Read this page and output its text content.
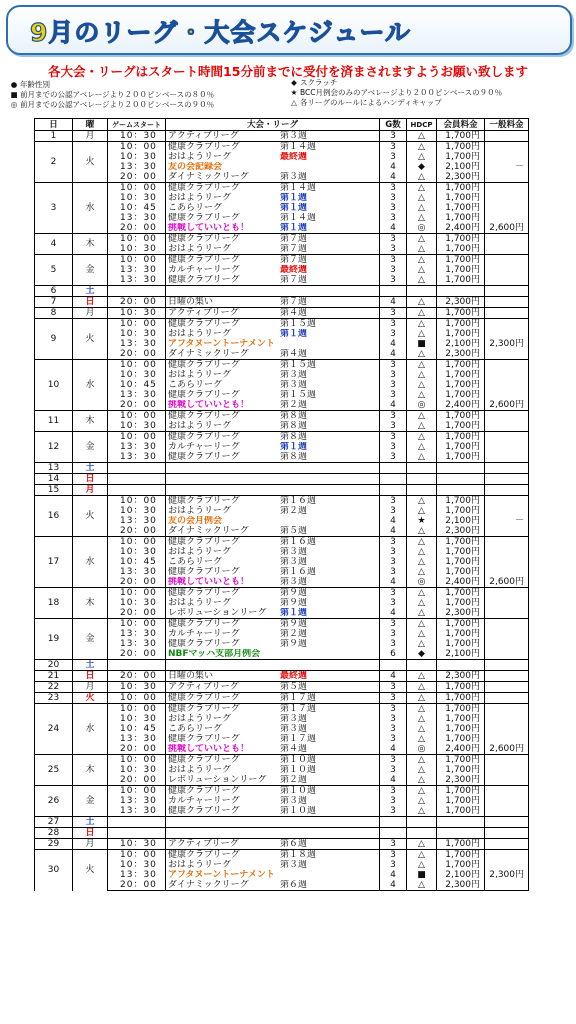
9月のリーグ・大会スケジュール
各大会・リーグはスタート時間15分前までに受付を済まされますようお願い致します
● 年齢性別
■ 前月までの公認アベレージより２００ピンベースの８０％
◎ 前月までの公認アベレージより２００ピンベースの９０％
◆ スクラッチ
★ BCC月例会のみのアベレージより２００ピンベースの９０％
△ 各リーグのルールによるハンディキャップ
日	曜	ゲームスタート	大会・リーグ	G数	HDCP	会員料金	一般料金
1	月	10：30	アクティブリーグ 第３週	3	△	1,700円	
2	火	10：00	健康クラブリーグ 第１４週	3	△	1,700円	
		10：30	おはようリーグ 最終週	3	△	1,700円	
		13：30	友の会記録会	4	◆	2,100円	－
		20：00	ダイナミックリーグ 第３週	4	△	2,300円	
3	水	10：00	健康クラブリーグ 第１４週	3	△	1,700円	
		10：30	おはようリーグ 第１週	3	△	1,700円	
		10：45	こあらリーグ 第１週	3	△	1,700円	
		13：30	健康クラブリーグ 第１４週	3	△	1,700円	
		20：00	挑戦していいとも！ 第１週	4	◎	2,400円	2,600円
4	木	10：00	健康クラブリーグ 第７週	3	△	1,700円	
		10：30	おはようリーグ 第７週	3	△	1,700円	
5	金	10：00	健康クラブリーグ 第７週	3	△	1,700円	
		13：30	カルチャーリーグ 最終週	3	△	1,700円	
		13：30	健康クラブリーグ 第７週	3	△	1,700円	
6	土						
7	日	20：00	日曜の集い 第７週	4	△	2,300円	
8	月	10：30	アクティブリーグ 第４週	3	△	1,700円	
9	火	10：00	健康クラブリーグ 第１５週	3	△	1,700円	
		10：30	おはようリーグ 第１週	3	△	1,700円	
		13：30	アフタヌーントーナメント	4	■	2,100円	2,300円
		20：00	ダイナミックリーグ 第４週	4	△	2,300円	
10	水	10：00	健康クラブリーグ 第１５週	3	△	1,700円	
		10：30	おはようリーグ 第３週	3	△	1,700円	
		10：45	こあらリーグ 第３週	3	△	1,700円	
		13：30	健康クラブリーグ 第１５週	3	△	1,700円	
		20：00	挑戦していいとも！ 第２週	4	◎	2,400円	2,600円
11	木	10：00	健康クラブリーグ 第８週	3	△	1,700円	
		10：30	おはようリーグ 第８週	3	△	1,700円	
12	金	10：00	健康クラブリーグ 第８週	3	△	1,700円	
		13：30	カルチャーリーグ 第１週	3	△	1,700円	
		13：30	健康クラブリーグ 第８週	3	△	1,700円	
13	土						
14	日						
15	月						
16	火	10：00	健康クラブリーグ 第１６週	3	△	1,700円	
		10：30	おはようリーグ 第２週	3	△	1,700円	
		13：30	友の会月例会	4	★	2,100円	－
		20：00	ダイナミックリーグ 第５週	4	△	2,300円	
17	水	10：00	健康クラブリーグ 第１６週	3	△	1,700円	
		10：30	おはようリーグ 第３週	3	△	1,700円	
		10：45	こあらリーグ 第３週	3	△	1,700円	
		13：30	健康クラブリーグ 第１６週	3	△	1,700円	
		20：00	挑戦していいとも！ 第３週	4	◎	2,400円	2,600円
18	木	10：00	健康クラブリーグ 第９週	3	△	1,700円	
		10：30	おはようリーグ 第９週	3	△	1,700円	
		20：00	レボリューションリーグ 第１週	4	△	2,300円	
19	金	10：00	健康クラブリーグ 第９週	3	△	1,700円	
		13：30	カルチャーリーグ 第２週	3	△	1,700円	
		13：30	健康クラブリーグ 第９週	3	△	1,700円	
		20：00	NBFマッハ支部月例会	6	◆	2,100円	
20	土						
21	日	20：00	日曜の集い 最終週	4	△	2,300円	
22	月	10：30	アクティブリーグ 第５週	3	△	1,700円	
23	火	10：00	健康クラブリーグ 第１７週	3	△	1,700円	
24	水	10：00	健康クラブリーグ 第１７週	3	△	1,700円	
		10：30	おはようリーグ 第３週	3	△	1,700円	
		10：45	こあらリーグ 第３週	3	△	1,700円	
		13：30	健康クラブリーグ 第１７週	3	△	1,700円	
		20：00	挑戦していいとも！ 第４週	4	◎	2,400円	2,600円
25	木	10：00	健康クラブリーグ 第１０週	3	△	1,700円	
		10：30	おはようリーグ 第１０週	3	△	1,700円	
		20：00	レボリューションリーグ 第２週	4	△	2,300円	
26	金	10：00	健康クラブリーグ 第１０週	3	△	1,700円	
		13：30	カルチャーリーグ 第３週	3	△	1,700円	
		13：30	健康クラブリーグ 第１０週	3	△	1,700円	
27	土						
28	日						
29	月	10：30	アクティブリーグ 第６週	3	△	1,700円	
30	火	10：00	健康クラブリーグ 第１８週	3	△	1,700円	
		10：30	おはようリーグ 第３週	3	△	1,700円	
		13：30	アフタヌーントーナメント	4	■	2,100円	2,300円
		20：00	ダイナミックリーグ 第６週	4	△	2,300円	
